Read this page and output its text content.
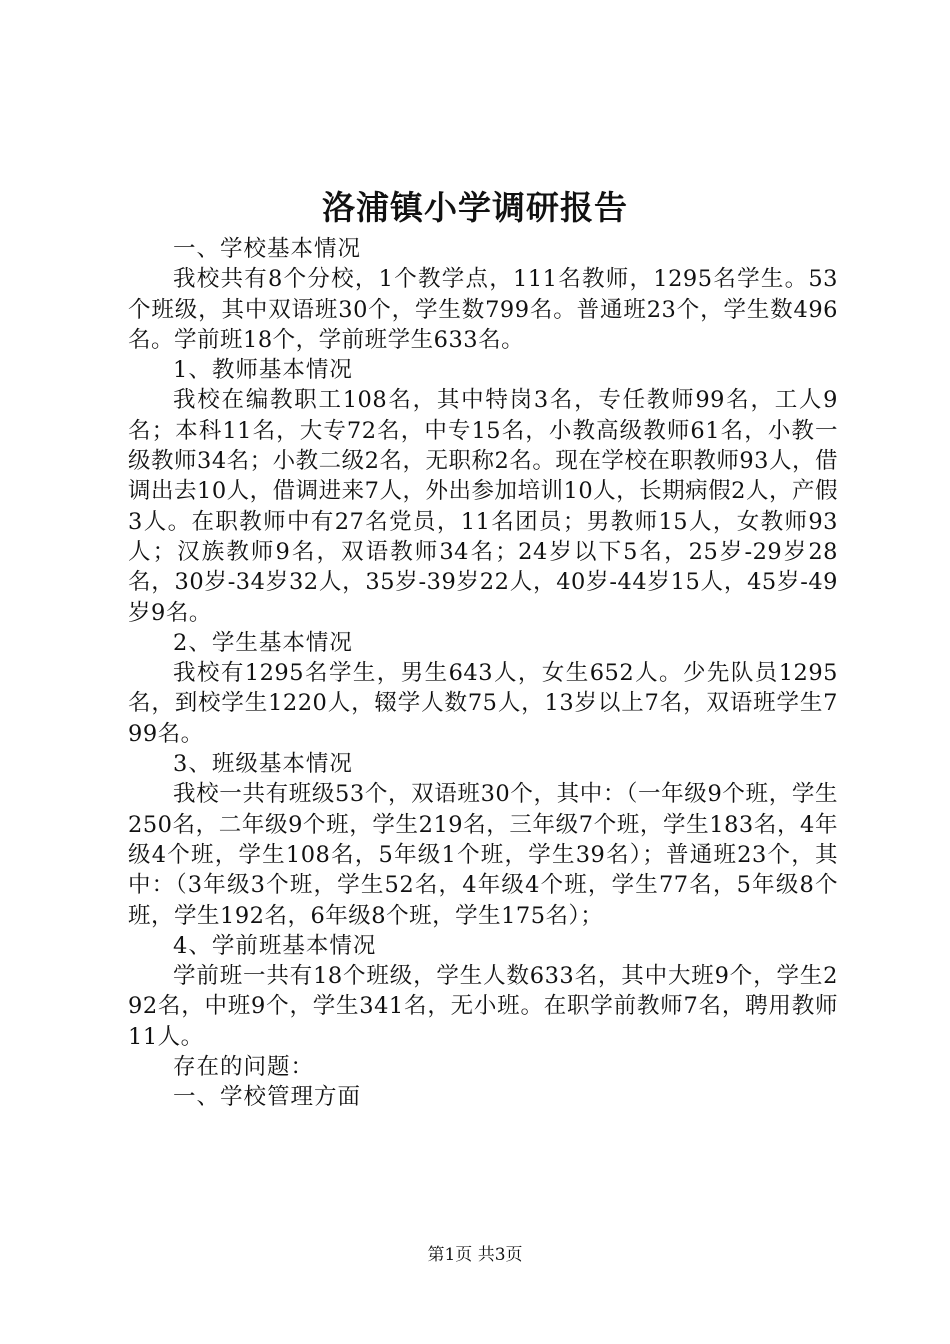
洛浦镇小学调研报告

一、学校基本情况

我校共有8个分校，1个教学点，111名教师，1295名学生。53个班级，其中双语班30个，学生数799名。普通班23个，学生数496名。学前班18个，学前班学生633名。

1、教师基本情况

我校在编教职工108名，其中特岗3名，专任教师99名，工人9名；本科11名，大专72名，中专15名，小教高级教师61名，小教一级教师34名；小教二级2名，无职称2名。现在学校在职教师93人，借调出去10人，借调进来7人，外出参加培训10人，长期病假2人，产假3人。在职教师中有27名党员，11名团员；男教师15人，女教师93人；汉族教师9名，双语教师34名；24岁以下5名，25岁-29岁28名，30岁-34岁32人，35岁-39岁22人，40岁-44岁15人，45岁-49岁9名。

2、学生基本情况

我校有1295名学生，男生643人，女生652人。少先队员1295名，到校学生1220人，辍学人数75人，13岁以上7名，双语班学生799名。

3、班级基本情况

我校一共有班级53个，双语班30个，其中：（一年级9个班，学生250名，二年级9个班，学生219名，三年级7个班，学生183名，4年级4个班，学生108名，5年级1个班，学生39名）；普通班23个，其中：（3年级3个班，学生52名，4年级4个班，学生77名，5年级8个班，学生192名，6年级8个班，学生175名）；

4、学前班基本情况

学前班一共有18个班级，学生人数633名，其中大班9个，学生292名，中班9个，学生341名，无小班。在职学前教师7名，聘用教师11人。

存在的问题：

一、学校管理方面

第1页 共3页
